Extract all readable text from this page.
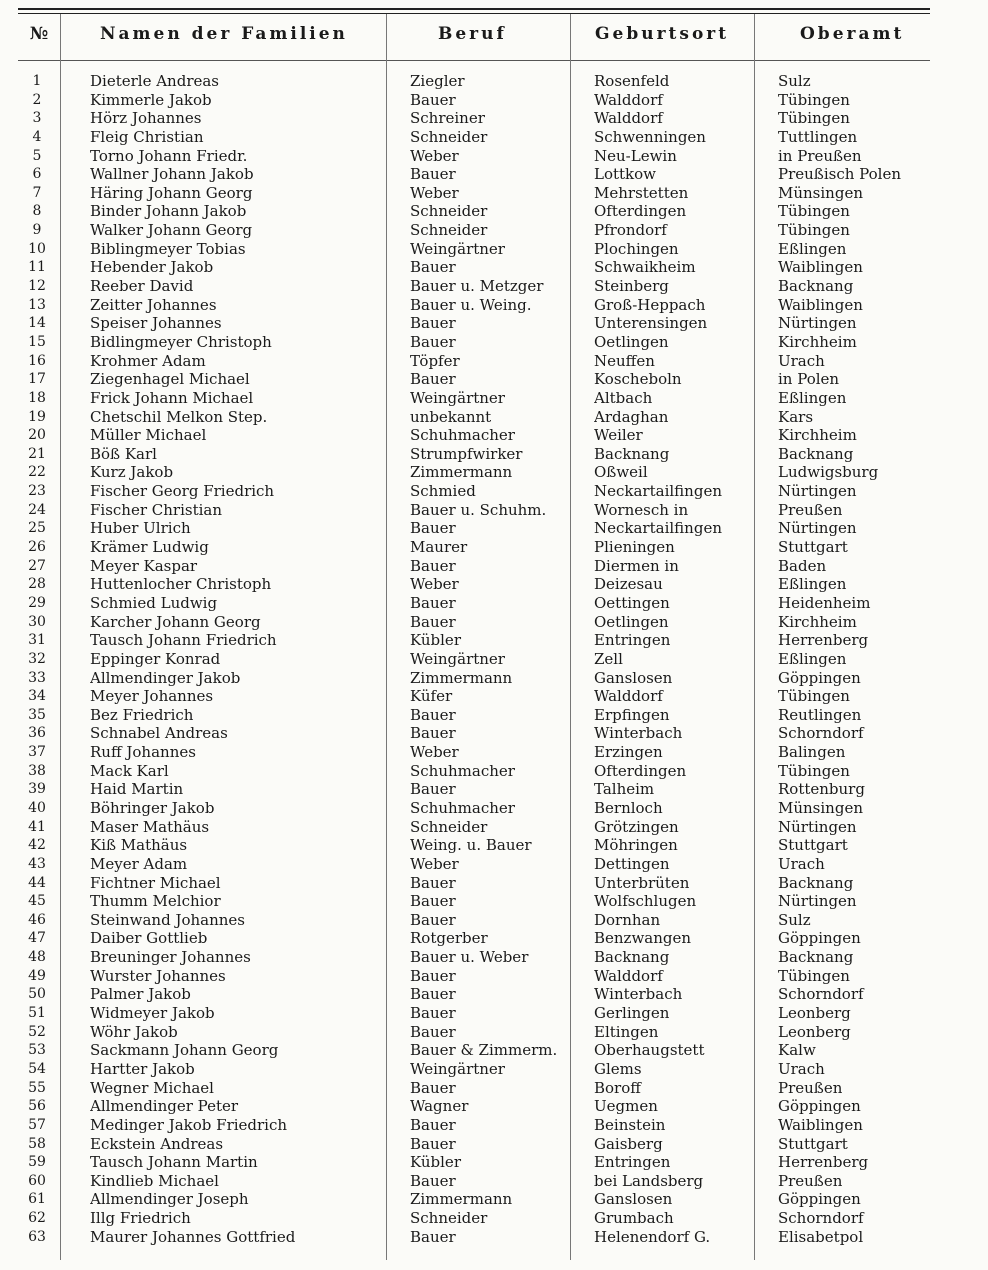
№	Namen der Familien	Beruf	Geburtsort	Oberamt
1	Dieterle Andreas	Ziegler	Rosenfeld	Sulz
2	Kimmerle Jakob	Bauer	Walddorf	Tübingen
3	Hörz Johannes	Schreiner	Walddorf	Tübingen
4	Fleig Christian	Schneider	Schwenningen	Tuttlingen
5	Torno Johann Friedr.	Weber	Neu-Lewin	in Preußen
6	Wallner Johann Jakob	Bauer	Lottkow	Preußisch Polen
7	Häring Johann Georg	Weber	Mehrstetten	Münsingen
8	Binder Johann Jakob	Schneider	Ofterdingen	Tübingen
9	Walker Johann Georg	Schneider	Pfrondorf	Tübingen
10	Biblingmeyer Tobias	Weingärtner	Plochingen	Eßlingen
11	Hebender Jakob	Bauer	Schwaikheim	Waiblingen
12	Reeber David	Bauer u. Metzger	Steinberg	Backnang
13	Zeitter Johannes	Bauer u. Weing.	Groß-Heppach	Waiblingen
14	Speiser Johannes	Bauer	Unterensingen	Nürtingen
15	Bidlingmeyer Christoph	Bauer	Oetlingen	Kirchheim
16	Krohmer Adam	Töpfer	Neuffen	Urach
17	Ziegenhagel Michael	Bauer	Koscheboln	in Polen
18	Frick Johann Michael	Weingärtner	Altbach	Eßlingen
19	Chetschil Melkon Step.	unbekannt	Ardaghan	Kars
20	Müller Michael	Schuhmacher	Weiler	Kirchheim
21	Böß Karl	Strumpfwirker	Backnang	Backnang
22	Kurz Jakob	Zimmermann	Oßweil	Ludwigsburg
23	Fischer Georg Friedrich	Schmied	Neckartailfingen	Nürtingen
24	Fischer Christian	Bauer u. Schuhm.	Wornesch in	Preußen
25	Huber Ulrich	Bauer	Neckartailfingen	Nürtingen
26	Krämer Ludwig	Maurer	Plieningen	Stuttgart
27	Meyer Kaspar	Bauer	Diermen in	Baden
28	Huttenlocher Christoph	Weber	Deizesau	Eßlingen
29	Schmied Ludwig	Bauer	Oettingen	Heidenheim
30	Karcher Johann Georg	Bauer	Oetlingen	Kirchheim
31	Tausch Johann Friedrich	Kübler	Entringen	Herrenberg
32	Eppinger Konrad	Weingärtner	Zell	Eßlingen
33	Allmendinger Jakob	Zimmermann	Ganslosen	Göppingen
34	Meyer Johannes	Küfer	Walddorf	Tübingen
35	Bez Friedrich	Bauer	Erpfingen	Reutlingen
36	Schnabel Andreas	Bauer	Winterbach	Schorndorf
37	Ruff Johannes	Weber	Erzingen	Balingen
38	Mack Karl	Schuhmacher	Ofterdingen	Tübingen
39	Haid Martin	Bauer	Talheim	Rottenburg
40	Böhringer Jakob	Schuhmacher	Bernloch	Münsingen
41	Maser Mathäus	Schneider	Grötzingen	Nürtingen
42	Kiß Mathäus	Weing. u. Bauer	Möhringen	Stuttgart
43	Meyer Adam	Weber	Dettingen	Urach
44	Fichtner Michael	Bauer	Unterbrüten	Backnang
45	Thumm Melchior	Bauer	Wolfschlugen	Nürtingen
46	Steinwand Johannes	Bauer	Dornhan	Sulz
47	Daiber Gottlieb	Rotgerber	Benzwangen	Göppingen
48	Breuninger Johannes	Bauer u. Weber	Backnang	Backnang
49	Wurster Johannes	Bauer	Walddorf	Tübingen
50	Palmer Jakob	Bauer	Winterbach	Schorndorf
51	Widmeyer Jakob	Bauer	Gerlingen	Leonberg
52	Wöhr Jakob	Bauer	Eltingen	Leonberg
53	Sackmann Johann Georg	Bauer & Zimmerm.	Oberhaugstett	Kalw
54	Hartter Jakob	Weingärtner	Glems	Urach
55	Wegner Michael	Bauer	Boroff	Preußen
56	Allmendinger Peter	Wagner	Uegmen	Göppingen
57	Medinger Jakob Friedrich	Bauer	Beinstein	Waiblingen
58	Eckstein Andreas	Bauer	Gaisberg	Stuttgart
59	Tausch Johann Martin	Kübler	Entringen	Herrenberg
60	Kindlieb Michael	Bauer	bei Landsberg	Preußen
61	Allmendinger Joseph	Zimmermann	Ganslosen	Göppingen
62	Illg Friedrich	Schneider	Grumbach	Schorndorf
63	Maurer Johannes Gottfried	Bauer	Helenendorf G.	Elisabetpol
